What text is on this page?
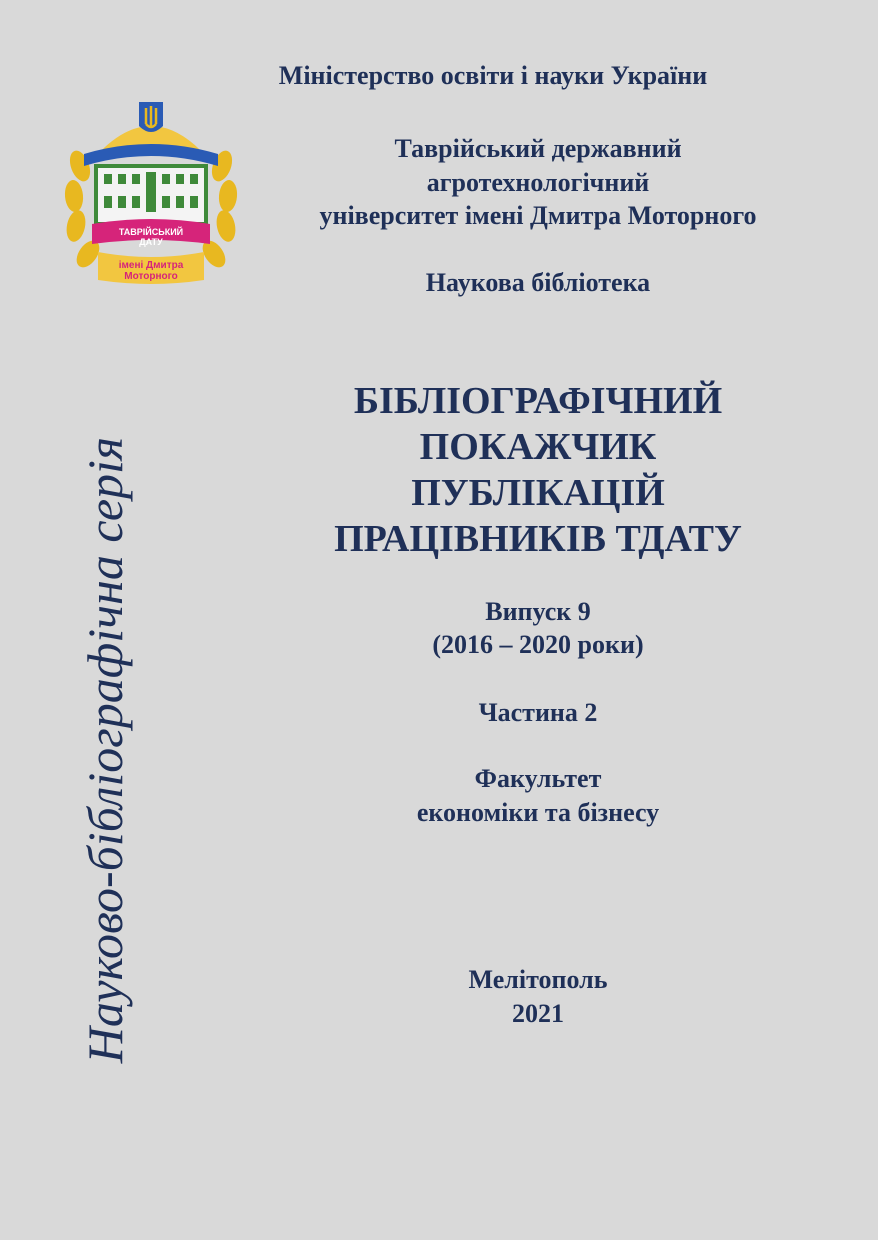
ТАВРІЙСЬКИЙ
ДАТУ
імені Дмитра
Моторного
Міністерство освіти і науки України
Таврійський державний
агротехнологічний
університет імені Дмитра Моторного
Наукова бібліотека
БІБЛІОГРАФІЧНИЙ
ПОКАЖЧИК
ПУБЛІКАЦІЙ
ПРАЦІВНИКІВ ТДАТУ
Випуск 9
(2016 – 2020 роки)
Частина 2
Факультет
економіки та бізнесу
Мелітополь
2021
Науково-бібліографічна серія
